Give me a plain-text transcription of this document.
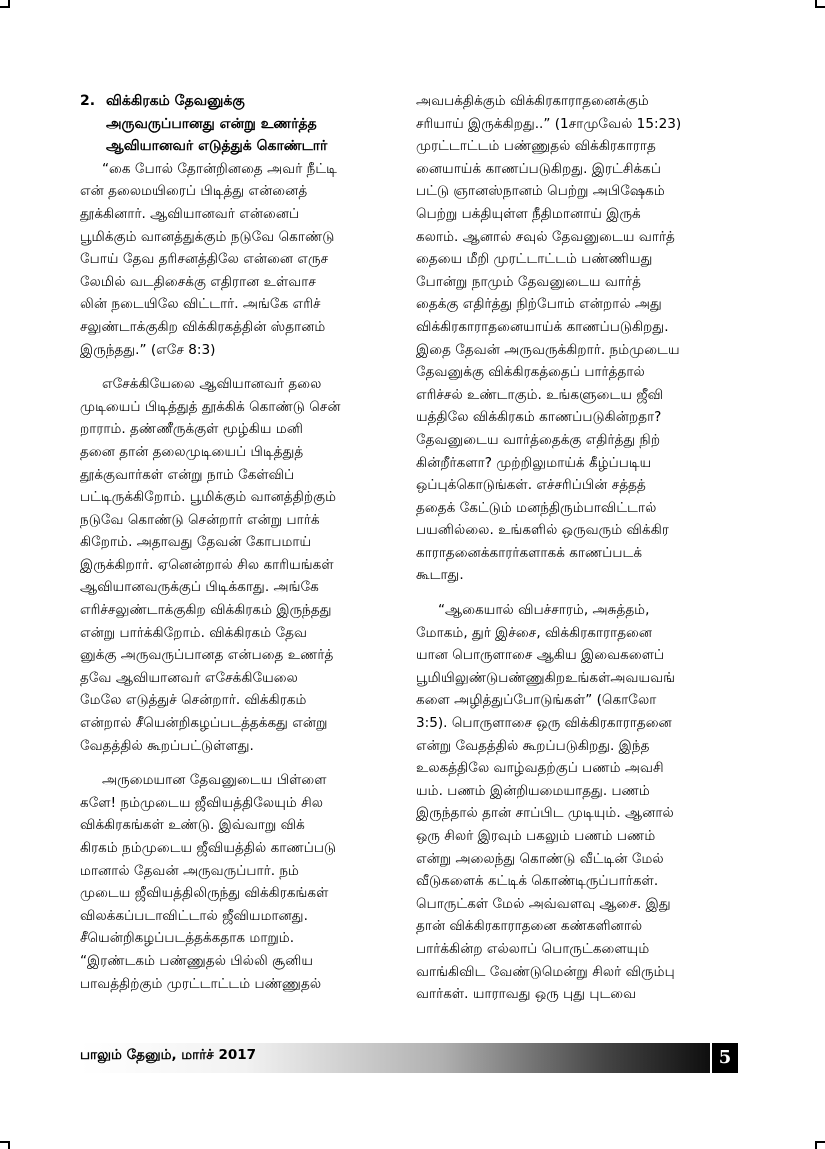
2. விக்கிரகம் தேவனுக்கு
அருவருப்பானது என்று உணர்த்த
ஆவியானவர் எடுத்துக் கொண்டார்

“கை போல் தோன்றினதை அவர் நீட்டி
என் தலைமயிரைப் பிடித்து என்னைத்
தூக்கினார். ஆவியானவர் என்னைப்
பூமிக்கும் வானத்துக்கும் நடுவே கொண்டு
போய் தேவ தரிசனத்திலே என்னை எருச
லேமில் வடதிசைக்கு எதிரான உள்வாச
லின் நடையிலே விட்டார். அங்கே எரிச்
சலுண்டாக்குகிற விக்கிரகத்தின் ஸ்தானம்
இருந்தது.” (எசே 8:3)

எசேக்கியேலை ஆவியானவர் தலை
முடியைப் பிடித்துத் தூக்கிக் கொண்டு சென்
றாராம். தண்ணீருக்குள் மூழ்கிய மனி
தனை தான் தலைமுடியைப் பிடித்துத்
தூக்குவார்கள் என்று நாம் கேள்விப்
பட்டிருக்கிறோம். பூமிக்கும் வானத்திற்கும்
நடுவே கொண்டு சென்றார் என்று பார்க்
கிறோம். அதாவது தேவன் கோபமாய்
இருக்கிறார். ஏனென்றால் சில காரியங்கள்
ஆவியானவருக்குப் பிடிக்காது. அங்கே
எரிச்சலுண்டாக்குகிற விக்கிரகம் இருந்தது
என்று பார்க்கிறோம். விக்கிரகம் தேவ
னுக்கு அருவருப்பானத என்பதை உணர்த்
தவே ஆவியானவர் எசேக்கியேலை
மேலே எடுத்துச் சென்றார். விக்கிரகம்
என்றால் சீயென்றிகழப்படத்தக்கது என்று
வேதத்தில் கூறப்பட்டுள்ளது.

அருமையான தேவனுடைய பிள்ளை
களே! நம்முடைய ஜீவியத்திலேயும் சில
விக்கிரகங்கள் உண்டு. இவ்வாறு விக்
கிரகம் நம்முடைய ஜீவியத்தில் காணப்படு
மானால் தேவன் அருவருப்பார். நம்
முடைய ஜீவியத்திலிருந்து விக்கிரகங்கள்
விலக்கப்படாவிட்டால் ஜீவியமானது.
சீயென்றிகழப்படத்தக்கதாக மாறும்.
“இரண்டகம் பண்ணுதல் பில்லி சூனிய
பாவத்திற்கும் முரட்டாட்டம் பண்ணுதல்

அவபக்திக்கும் விக்கிரகாராதனைக்கும்
சரியாய் இருக்கிறது..” (1சாமுவேல் 15:23)
முரட்டாட்டம் பண்ணுதல் விக்கிரகாராத
னையாய்க் காணப்படுகிறது. இரட்சிக்கப்
பட்டு ஞானஸ்நானம் பெற்று அபிஷேகம்
பெற்று பக்தியுள்ள நீதிமானாய் இருக்
கலாம். ஆனால் சவுல் தேவனுடைய வார்த்
தையை மீறி முரட்டாட்டம் பண்ணியது
போன்று நாமும் தேவனுடைய வார்த்
தைக்கு எதிர்த்து நிற்போம் என்றால் அது
விக்கிரகாராதனையாய்க் காணப்படுகிறது.
இதை தேவன் அருவருக்கிறார். நம்முடைய
தேவனுக்கு விக்கிரகத்தைப் பார்த்தால்
எரிச்சல் உண்டாகும். உங்களுடைய ஜீவி
யத்திலே விக்கிரகம் காணப்படுகின்றதா?
தேவனுடைய வார்த்தைக்கு எதிர்த்து நிற்
கின்றீர்களா? முற்றிலுமாய்க் கீழ்ப்படிய
ஒப்புக்கொடுங்கள். எச்சரிப்பின் சத்தத்
ததைக் கேட்டும் மனந்திரும்பாவிட்டால்
பயனில்லை. உங்களில் ஒருவரும் விக்கிர
காராதனைக்காரர்களாகக் காணப்படக்
கூடாது.

“ஆகையால் விபச்சாரம், அசுத்தம்,
மோகம், துர் இச்சை, விக்கிரகாராதனை
யான பொருளாசை ஆகிய இவைகளைப்
பூமியிலுண்டுபண்ணுகிறஉங்கள்அவயவங்
களை அழித்துப்போடுங்கள்” (கொலோ
3:5). பொருளாசை ஒரு விக்கிரகாராதனை
என்று வேதத்தில் கூறப்படுகிறது. இந்த
உலகத்திலே வாழ்வதற்குப் பணம் அவசி
யம். பணம் இன்றியமையாதது. பணம்
இருந்தால் தான் சாப்பிட முடியும். ஆனால்
ஒரு சிலர் இரவும் பகலும் பணம் பணம்
என்று அலைந்து கொண்டு வீட்டின் மேல்
வீடுகளைக் கட்டிக் கொண்டிருப்பார்கள்.
பொருட்கள் மேல் அவ்வளவு ஆசை. இது
தான் விக்கிரகாராதனை கண்களினால்
பார்க்கின்ற எல்லாப் பொருட்களையும்
வாங்கிவிட வேண்டுமென்று சிலர் விரும்பு
வார்கள். யாராவது ஒரு புது புடவை

பாலும் தேனும், மார்ச் 2017	5
